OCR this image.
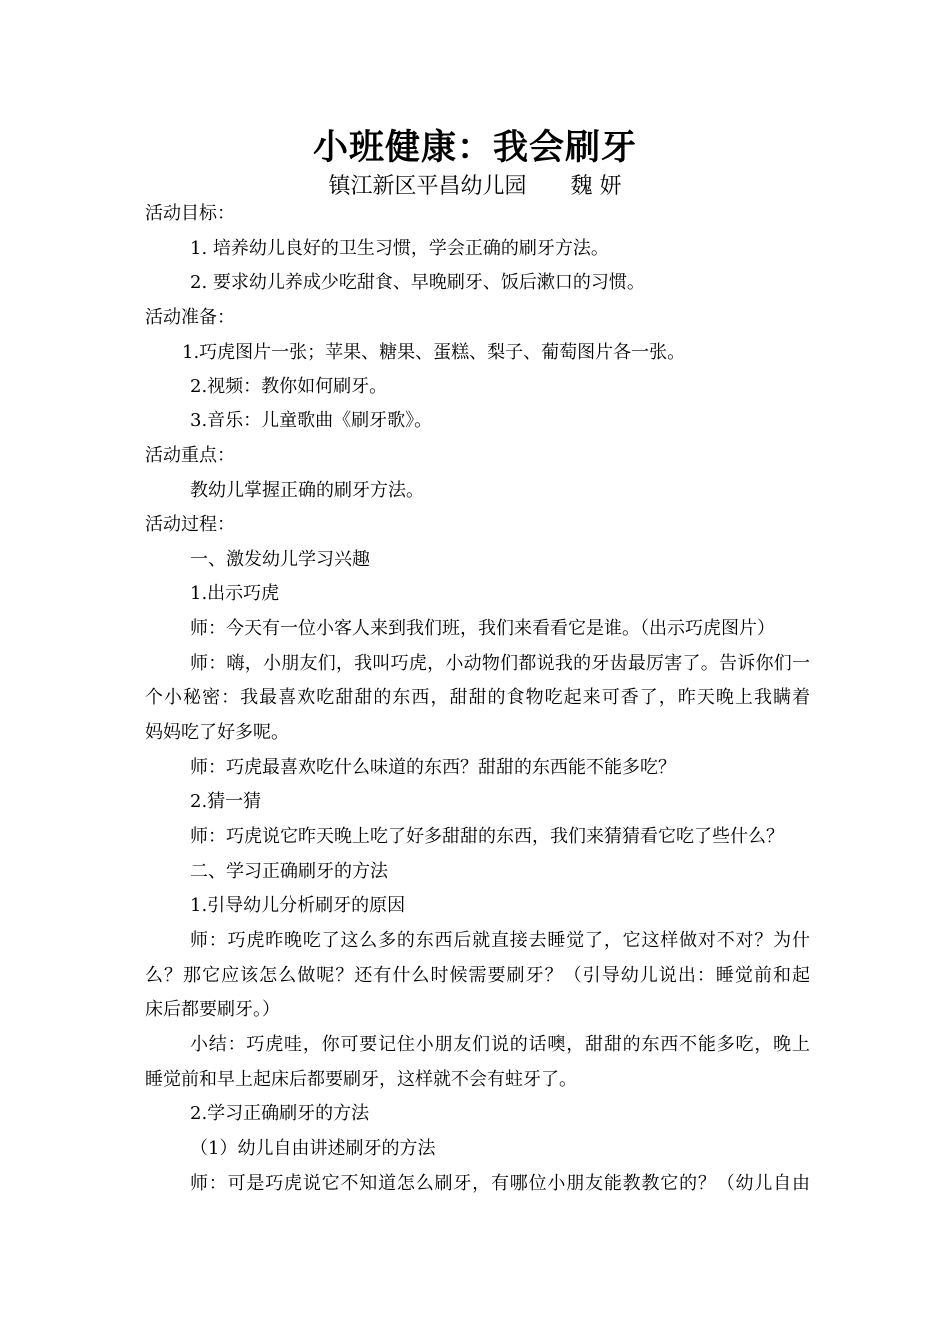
小班健康：我会刷牙
镇江新区平昌幼儿园 魏 妍
活动目标：
1. 培养幼儿良好的卫生习惯，学会正确的刷牙方法。
2. 要求幼儿养成少吃甜食、早晚刷牙、饭后漱口的习惯。
活动准备：
1.巧虎图片一张；苹果、糖果、蛋糕、梨子、葡萄图片各一张。
2.视频：教你如何刷牙。
3.音乐：儿童歌曲《刷牙歌》。
活动重点：
教幼儿掌握正确的刷牙方法。
活动过程：
一、激发幼儿学习兴趣
1.出示巧虎
师：今天有一位小客人来到我们班，我们来看看它是谁。（出示巧虎图片）
师：嗨，小朋友们，我叫巧虎，小动物们都说我的牙齿最厉害了。告诉你们一
个小秘密：我最喜欢吃甜甜的东西，甜甜的食物吃起来可香了，昨天晚上我瞒着
妈妈吃了好多呢。
师：巧虎最喜欢吃什么味道的东西？甜甜的东西能不能多吃？
2.猜一猜
师：巧虎说它昨天晚上吃了好多甜甜的东西，我们来猜猜看它吃了些什么？
二、学习正确刷牙的方法
1.引导幼儿分析刷牙的原因
师：巧虎昨晚吃了这么多的东西后就直接去睡觉了，它这样做对不对？为什
么？那它应该怎么做呢？还有什么时候需要刷牙？（引导幼儿说出：睡觉前和起
床后都要刷牙。）
小结：巧虎哇，你可要记住小朋友们说的话噢，甜甜的东西不能多吃，晚上
睡觉前和早上起床后都要刷牙，这样就不会有蛀牙了。
2.学习正确刷牙的方法
（1）幼儿自由讲述刷牙的方法
师：可是巧虎说它不知道怎么刷牙，有哪位小朋友能教教它的？（幼儿自由
